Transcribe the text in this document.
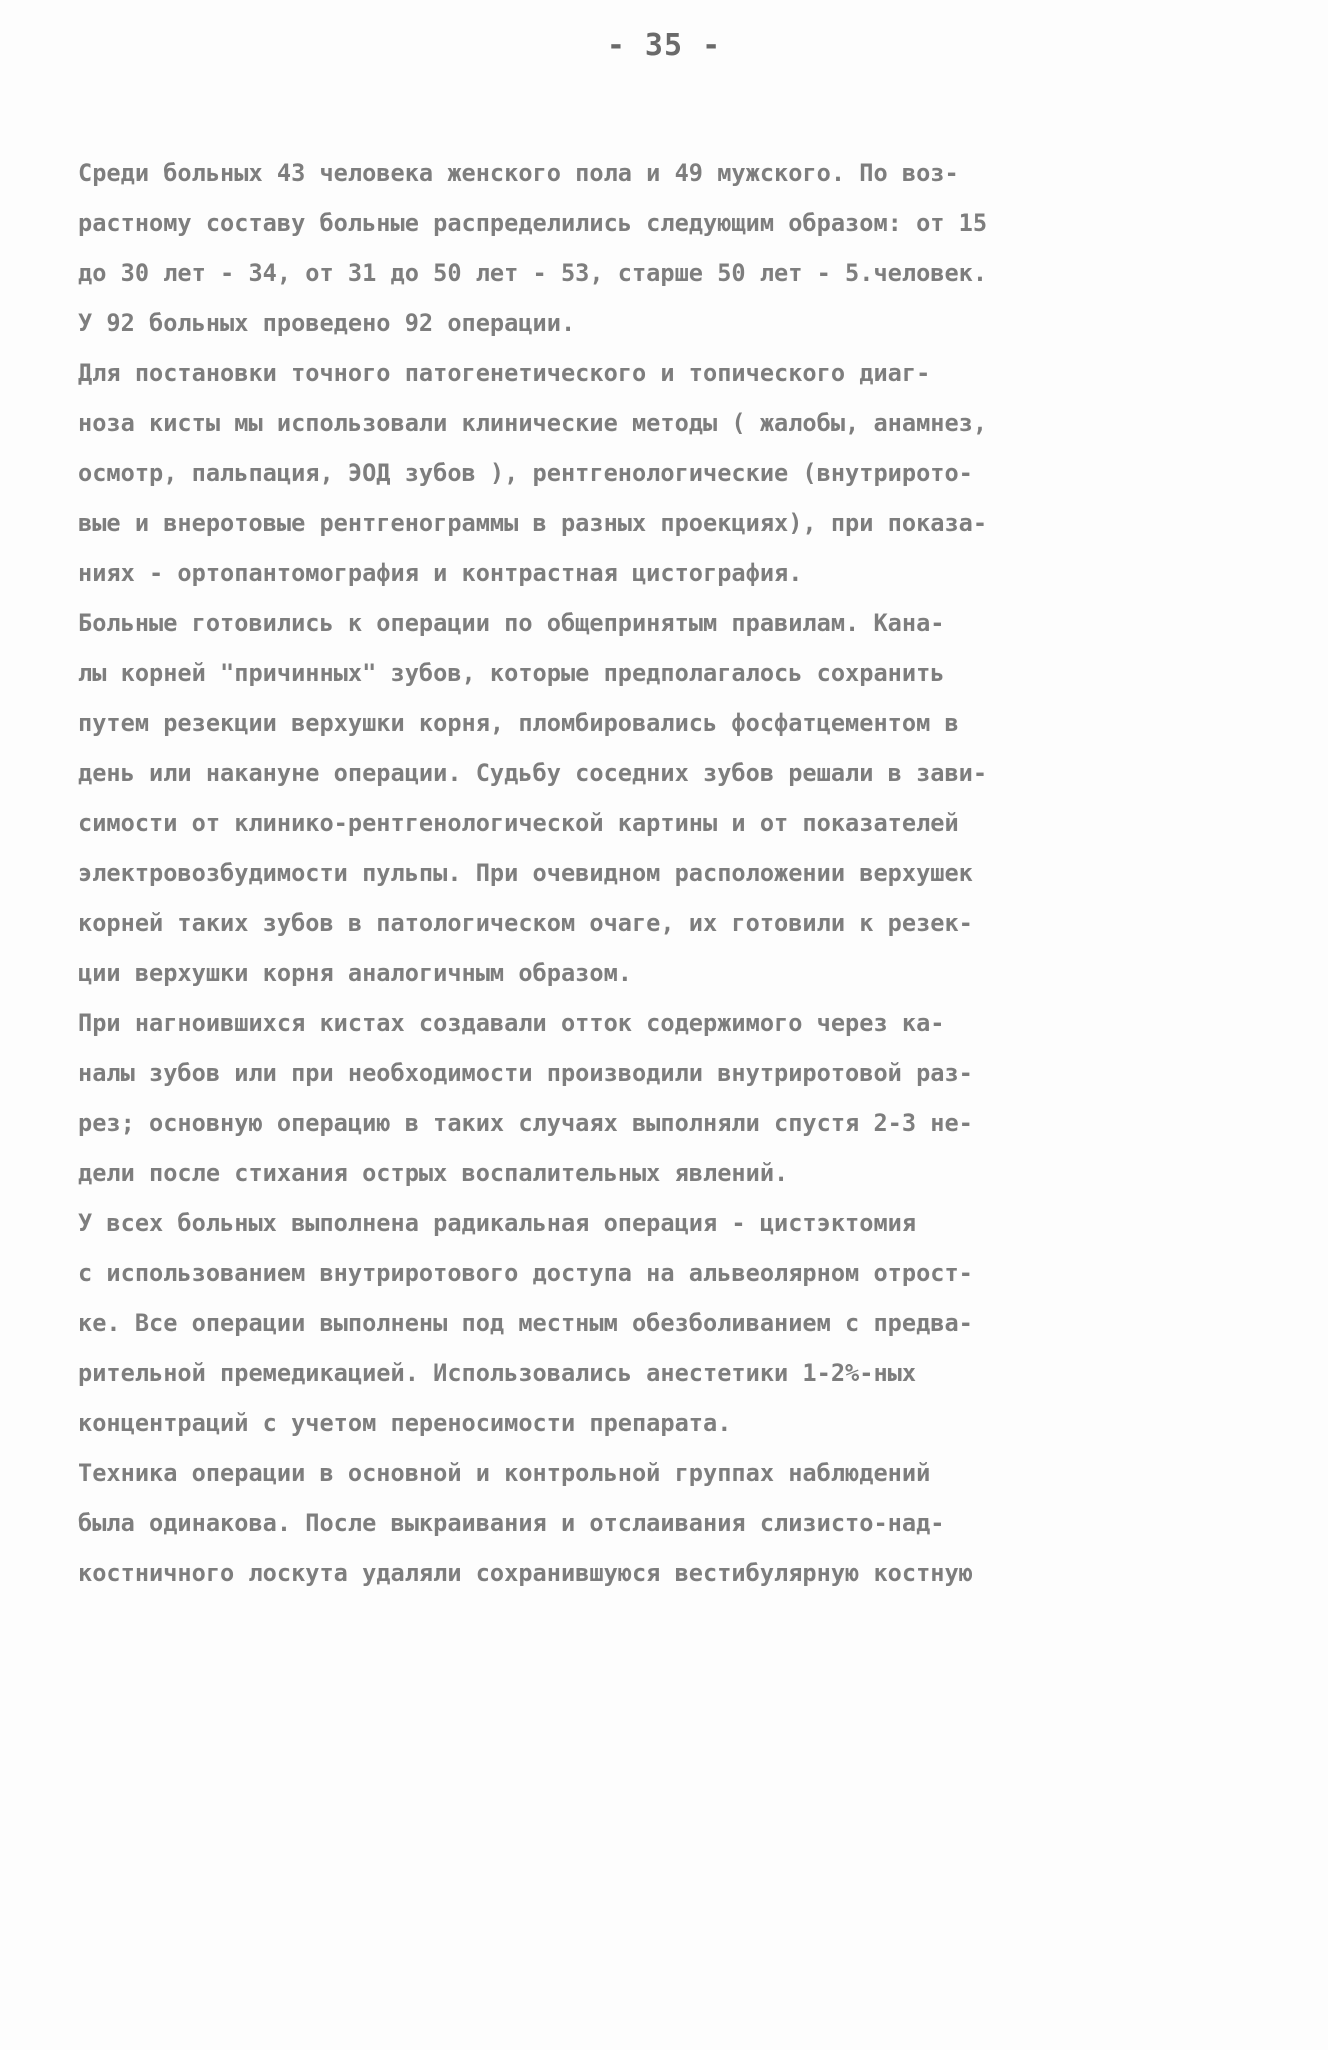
- 35 -
Среди больных 43 человека женского пола и 49 мужского. По воз-
растному составу больные распределились следующим образом: от 15
до 30 лет - 34, от 31 до 50 лет - 53, старше 50 лет - 5.человек.
У 92 больных проведено 92 операции.
Для постановки точного патогенетического и топического диаг-
ноза кисты мы использовали клинические методы ( жалобы, анамнез,
осмотр, пальпация, ЭОД зубов ), рентгенологические (внутрирото-
вые и внеротовые рентгенограммы в разных проекциях), при показа-
ниях - ортопантомография и контрастная цистография.
Больные готовились к операции по общепринятым правилам. Кана-
лы корней "причинных" зубов, которые предполагалось сохранить
путем резекции верхушки корня, пломбировались фосфатцементом в
день или накануне операции. Судьбу соседних зубов решали в зави-
симости от клинико-рентгенологической картины и от показателей
электровозбудимости пульпы. При очевидном расположении верхушек
корней таких зубов в патологическом очаге, их готовили к резек-
ции верхушки корня аналогичным образом.
При нагноившихся кистах создавали отток содержимого через ка-
налы зубов или при необходимости производили внутриротовой раз-
рез; основную операцию в таких случаях выполняли спустя 2-3 не-
дели после стихания острых воспалительных явлений.
У всех больных выполнена радикальная операция - цистэктомия
с использованием внутриротового доступа на альвеолярном отрост-
ке. Все операции выполнены под местным обезболиванием с предва-
рительной премедикацией. Использовались анестетики 1-2%-ных
концентраций с учетом переносимости препарата.
Техника операции в основной и контрольной группах наблюдений
была одинакова. После выкраивания и отслаивания слизисто-над-
костничного лоскута удаляли сохранившуюся вестибулярную костную
